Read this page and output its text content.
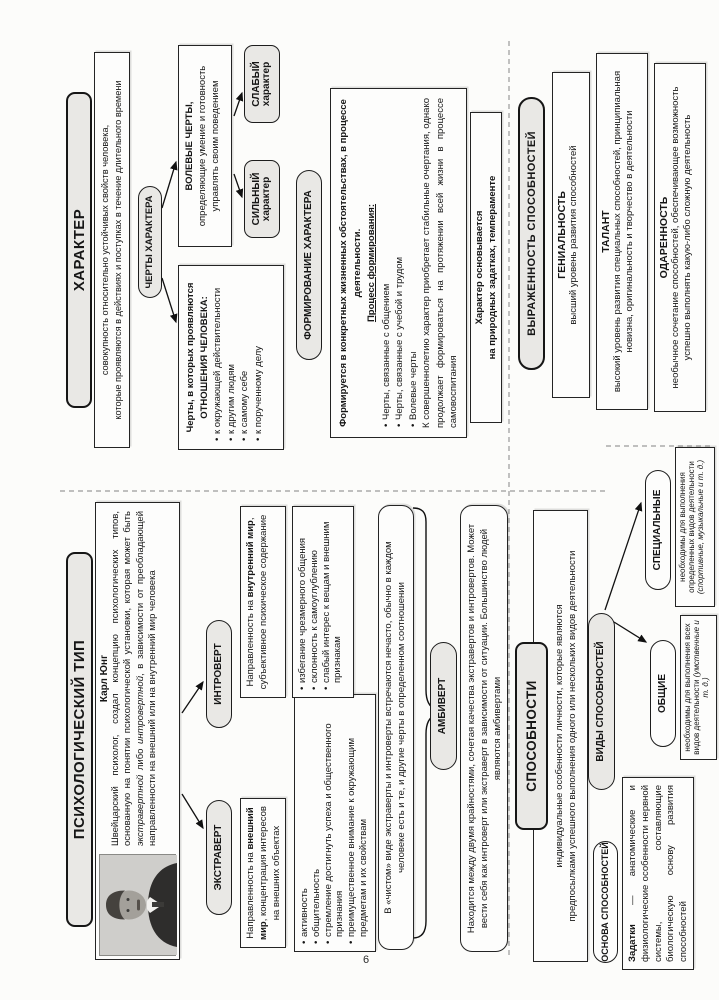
ПСИХОЛОГИЧЕСКИЙ ТИП	Карл Юнг Швейцарский психолог, создал концепцию психологических типов, основанную на понятии психологической установки, которая может быть экстравертной либо интровертной, в зависимости от преобладающей направленности на внешний или на внутренний мир человека
ЭКСТРАВЕРТ
ИНТРОВЕРТ
Направленность на внешний мир, концентрация интересов на внешних объектах
Направленность на внутренний мир, субъективное психическое содержание
• активность • общительность • стремление достигнуть успеха и общественного признания • преимущественное внимание к окружающим предметам и их свойствам
• избегание чрезмерного общения • склонность к самоуглублению • слабый интерес к вещам и внешним признакам	В «чистом» виде экстраверты и интроверты встречаются нечасто, обычно в каждом человеке есть и те, и другие черты в определенном соотношении	АМБИВЕРТ	Находится между двумя крайностями, сочетая качества экстравертов и интровертов. Может вести себя как интроверт или экстраверт в зависимости от ситуации. Большинство людей являются амбивертами
ХАРАКТЕР	совокупность относительно устойчивых свойств человека, которые проявляются в действиях и поступках в течение длительного времени	ЧЕРТЫ ХАРАКТЕРА
ВОЛЕВЫЕ ЧЕРТЫ, определяющие умение и готовность управлять своим поведением	СИЛЬНЫЙ характер
СЛАБЫЙ характер
Черты, в которых проявляются ОТНОШЕНИЯ ЧЕЛОВЕКА: • к окружающей действительности • к другим людям • к самому себе • к порученному делу
ФОРМИРОВАНИЕ ХАРАКТЕРА	Формируется в конкретных жизненных обстоятельствах, в процессе деятельности. Процесс формирования:
• Черты, связанные с общением • Черты, связанные с учебой и трудом • Волевые черты К совершеннолетию характер приобретает стабильные очертания, однако продолжает формироваться на протяжении всей жизни в процессе самовоспитания
Характер основывается на природных задатках, темпераменте
индивидуальные особенности личности, которые являются предпосылками успешного выполнения одного или нескольких видов деятельности
СПОСОБНОСТИ	ВИДЫ СПОСОБНОСТЕЙ	ОБЩИЕ	необходимы для выполнения всех видов деятельности (умственные и т. д.)
СПЕЦИАЛЬНЫЕ	необходимы для выполнения определенных видов деятельности (спортивные, музыкальные и т. д.)
ОСНОВА СПОСОБНОСТЕЙ	Задатки — анатомические и физиологические особенности нервной системы, составляющие биологическую основу развития способностей
ВЫРАЖЕННОСТЬ СПОСОБНОСТЕЙ	ГЕНИАЛЬНОСТЬ высший уровень развития способностей ТАЛАНТ высокий уровень развития специальных способностей, принципиальная новизна, оригинальность и творчество в деятельности ОДАРЕННОСТЬ необычное сочетание способностей, обеспечивающее возможность успешно выполнять какую-либо сложную деятельность
6
